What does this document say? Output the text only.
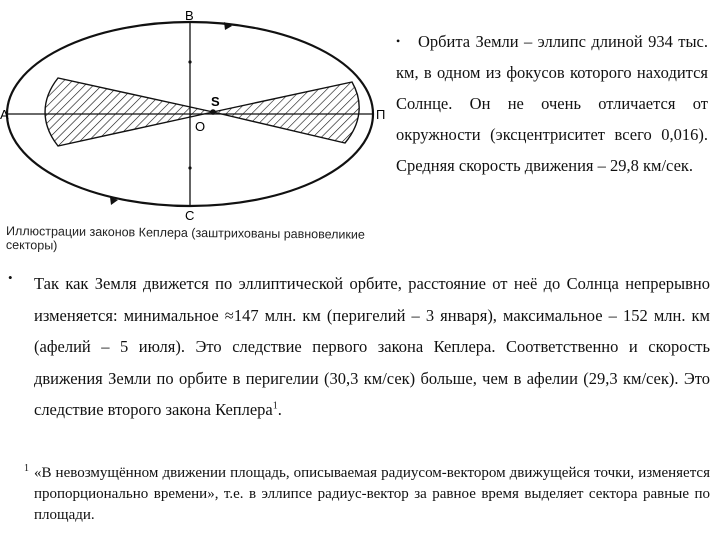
В
А
S
О
П
С
Иллюстрации законов Кеплера (заштрихованы равновеликие секторы)
• Орбита Земли – эллипс длиной 934 тыс. км, в одном из фокусов которого находится Солнце. Он не очень отличается от окружности (эксцентриситет всего 0,016). Средняя скорость движения – 29,8 км/сек.
• Так как Земля движется по эллиптической орбите, расстояние от неё до Солнца непрерывно изменяется: минимальное ≈147 млн. км (перигелий – 3 января), максимальное – 152 млн. км (афелий – 5 июля). Это следствие первого закона Кеплера. Соответственно и скорость движения Земли по орбите в перигелии (30,3 км/сек) больше, чем в афелии (29,3 км/сек). Это следствие второго закона Кеплера$^1$.
1 «В невозмущённом движении площадь, описываемая радиусом-вектором движущейся точки, изменяется пропорционально времени», т.е. в эллипсе радиус-вектор за равное время выделяет сектора равные по площади.
